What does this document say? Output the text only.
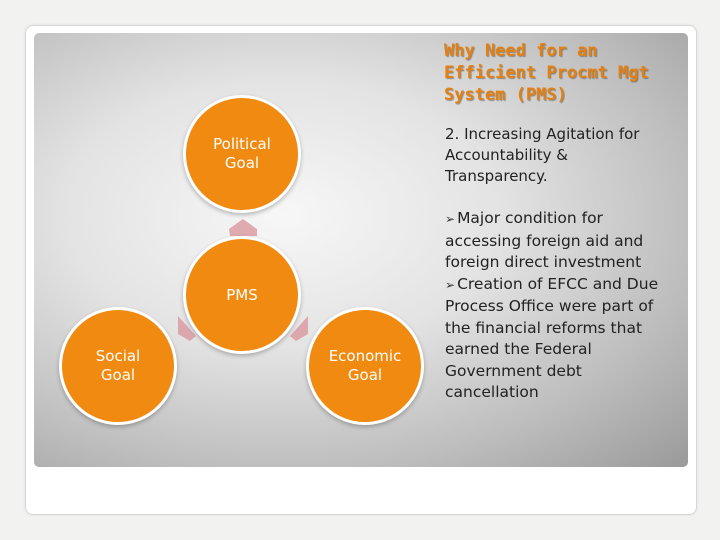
Political
Goal
PMS
Social
Goal
Economic
Goal
Why Need for an Efficient Procmt Mgt System (PMS)

2. Increasing Agitation for Accountability & Transparency.

➢ Major condition for accessing foreign aid and foreign direct investment
➢ Creation of EFCC and Due Process Office were part of the financial reforms that earned the Federal Government debt cancellation
